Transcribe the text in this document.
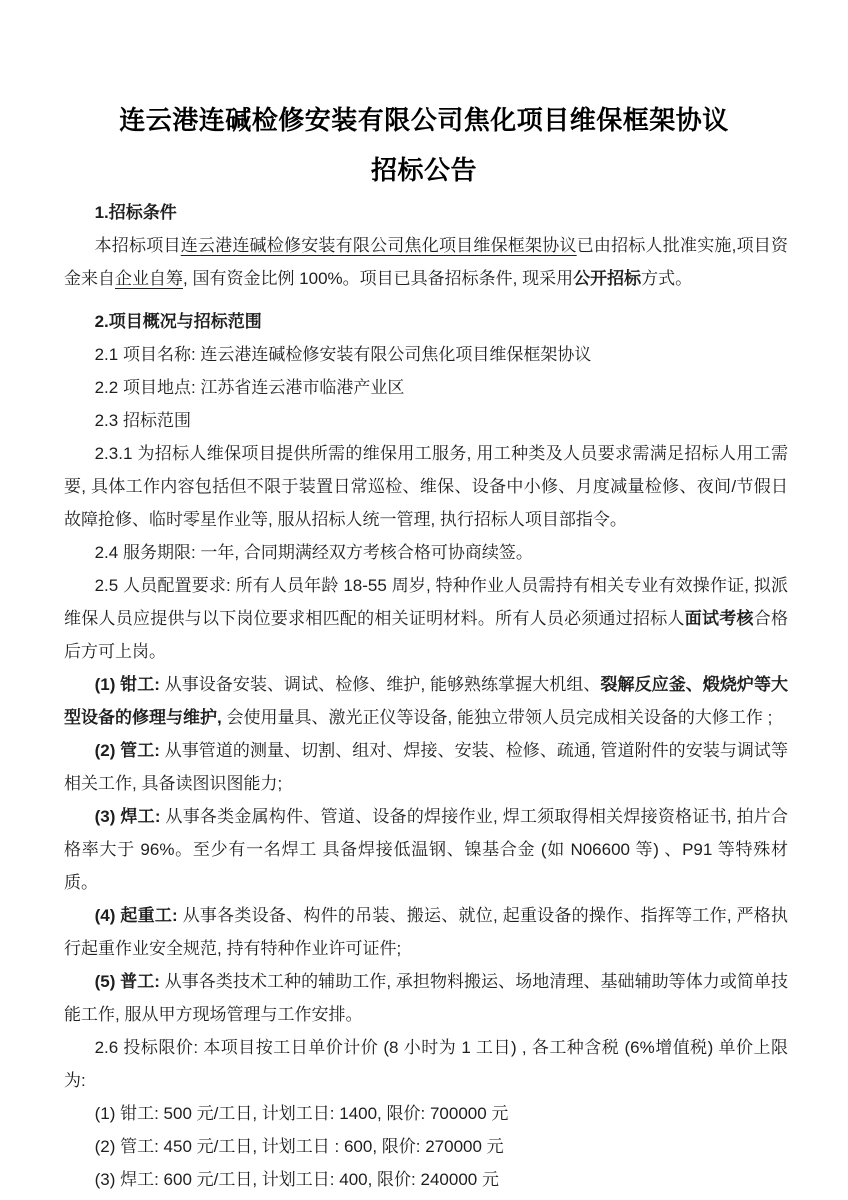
连云港连碱检修安装有限公司焦化项目维保框架协议
招标公告

1.招标条件

本招标项目连云港连碱检修安装有限公司焦化项目维保框架协议已由招标人批准实施,项目资金来自企业自筹, 国有资金比例 100%。项目已具备招标条件, 现采用公开招标方式。

2.项目概况与招标范围

2.1 项目名称: 连云港连碱检修安装有限公司焦化项目维保框架协议

2.2 项目地点: 江苏省连云港市临港产业区

2.3 招标范围

2.3.1 为招标人维保项目提供所需的维保用工服务, 用工种类及人员要求需满足招标人用工需要, 具体工作内容包括但不限于装置日常巡检、维保、设备中小修、月度减量检修、夜间/节假日故障抢修、临时零星作业等, 服从招标人统一管理, 执行招标人项目部指令。

2.4 服务期限: 一年, 合同期满经双方考核合格可协商续签。

2.5 人员配置要求: 所有人员年龄 18-55 周岁, 特种作业人员需持有相关专业有效操作证, 拟派维保人员应提供与以下岗位要求相匹配的相关证明材料。所有人员必须通过招标人面试考核合格后方可上岗。

(1) 钳工: 从事设备安装、调试、检修、维护, 能够熟练掌握大机组、裂解反应釜、煅烧炉等大型设备的修理与维护, 会使用量具、激光正仪等设备, 能独立带领人员完成相关设备的大修工作 ;

(2) 管工: 从事管道的测量、切割、组对、焊接、安装、检修、疏通, 管道附件的安装与调试等相关工作, 具备读图识图能力;

(3) 焊工: 从事各类金属构件、管道、设备的焊接作业, 焊工须取得相关焊接资格证书, 拍片合格率大于 96%。至少有一名焊工 具备焊接低温钢、镍基合金 (如 N06600 等) 、P91 等特殊材质。

(4) 起重工: 从事各类设备、构件的吊装、搬运、就位, 起重设备的操作、指挥等工作, 严格执行起重作业安全规范, 持有特种作业许可证件;

(5) 普工: 从事各类技术工种的辅助工作, 承担物料搬运、场地清理、基础辅助等体力或简单技能工作, 服从甲方现场管理与工作安排。

2.6 投标限价: 本项目按工日单价计价 (8 小时为 1 工日) , 各工种含税 (6%增值税) 单价上限为:

(1) 钳工: 500 元/工日, 计划工日: 1400, 限价: 700000 元

(2) 管工: 450 元/工日, 计划工日 : 600, 限价: 270000 元

(3) 焊工: 600 元/工日, 计划工日: 400, 限价: 240000 元
